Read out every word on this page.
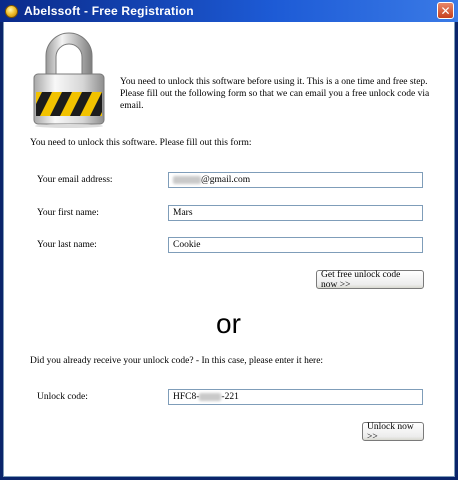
Abelssoft - Free Registration	✕
You need to unlock this software before using it. This is a one time and free step. Please fill out the following form so that we can email you a free unlock code via email.
You need to unlock this software. Please fill out this form:
Your email address:	@gmail.com
Your first name:	Mars
Your last name:	Cookie
Get free unlock code now >>
or
Did you already receive your unlock code? - In this case, please enter it here:
Unlock code:	HFC8- -221
Unlock now >>
